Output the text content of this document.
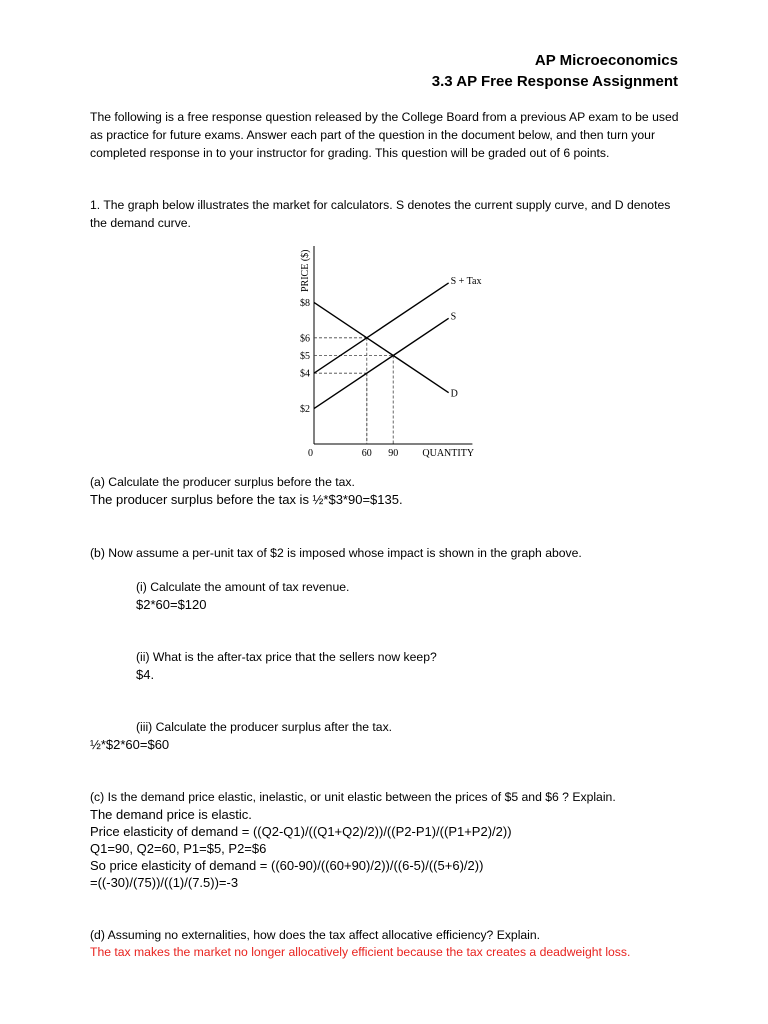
AP Microeconomics
3.3 AP Free Response Assignment
The following is a free response question released by the College Board from a previous AP exam to be used as practice for future exams. Answer each part of the question in the document below, and then turn your completed response in to your instructor for grading. This question will be graded out of 6 points.
1. The graph below illustrates the market for calculators. S denotes the current supply curve, and D denotes the demand curve.
PRICE ($)
QUANTITY
0
$8
$6
$5
$4
$2
60 90
S + Tax
S
D
(a) Calculate the producer surplus before the tax.
The producer surplus before the tax is ½*$3*90=$135.
(b) Now assume a per-unit tax of $2 is imposed whose impact is shown in the graph above.
(i) Calculate the amount of tax revenue.
$2*60=$120
(ii) What is the after-tax price that the sellers now keep?
$4.
(iii) Calculate the producer surplus after the tax.
½*$2*60=$60
(c) Is the demand price elastic, inelastic, or unit elastic between the prices of $5 and $6 ? Explain.
The demand price is elastic.
Price elasticity of demand = ((Q2-Q1)/((Q1+Q2)/2))/((P2-P1)/((P1+P2)/2))
Q1=90, Q2=60, P1=$5, P2=$6
So price elasticity of demand = ((60-90)/((60+90)/2))/((6-5)/((5+6)/2))
=((-30)/(75))/((1)/(7.5))=-3
(d) Assuming no externalities, how does the tax affect allocative efficiency? Explain.
The tax makes the market no longer allocatively efficient because the tax creates a deadweight loss.
